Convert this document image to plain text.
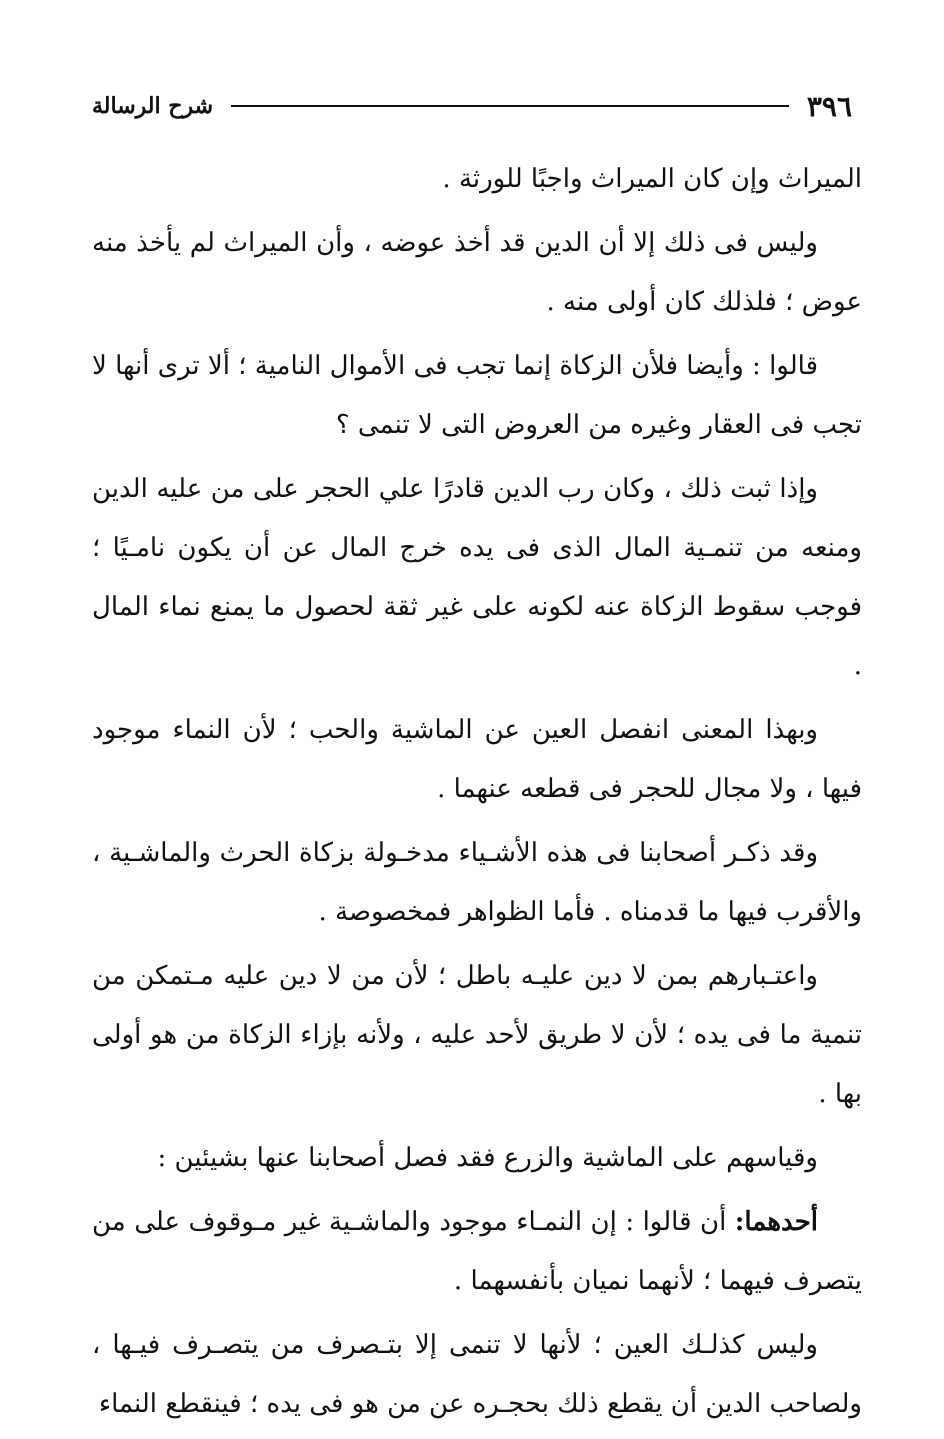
٣٩٦
شرح الرسالة

الميراث وإن كان الميراث واجبًا للورثة .

وليس فى ذلك إلا أن الدين قد أخذ عوضه ، وأن الميراث لم يأخذ منه عوض ؛ فلذلك كان أولى منه .

قالوا : وأيضا فلأن الزكاة إنما تجب فى الأموال النامية ؛ ألا ترى أنها لا تجب فى العقار وغيره من العروض التى لا تنمى ؟

وإذا ثبت ذلك ، وكان رب الدين قادرًا علي الحجر على من عليه الدين ومنعه من تنمـية المال الذى فى يده خرج المال عن أن يكون نامـيًا ؛ فوجب سقوط الزكاة عنه لكونه على غير ثقة لحصول ما يمنع نماء المال .

وبهذا المعنى انفصل العين عن الماشية والحب ؛ لأن النماء موجود فيها ، ولا مجال للحجر فى قطعه عنهما .

وقد ذكـر أصحابنا فى هذه الأشـياء مدخـولة بزكاة الحرث والماشـية ، والأقرب فيها ما قدمناه . فأما الظواهر فمخصوصة .

واعتـبارهم بمن لا دين عليـه باطل ؛ لأن من لا دين عليه مـتمكن من تنمية ما فى يده ؛ لأن لا طريق لأحد عليه ، ولأنه بإزاء الزكاة من هو أولى بها .

وقياسهم على الماشية والزرع فقد فصل أصحابنا عنها بشيئين :

أحدهما: أن قالوا : إن النمـاء موجود والماشـية غير مـوقوف على من يتصرف فيهما ؛ لأنهما نميان بأنفسهما .

وليس كذلـك العين ؛ لأنها لا تنمى إلا بتـصرف من يتصـرف فيـها ، ولصاحب الدين أن يقطع ذلك بحجـره عن من هو فى يده ؛ فينقطع النماء
